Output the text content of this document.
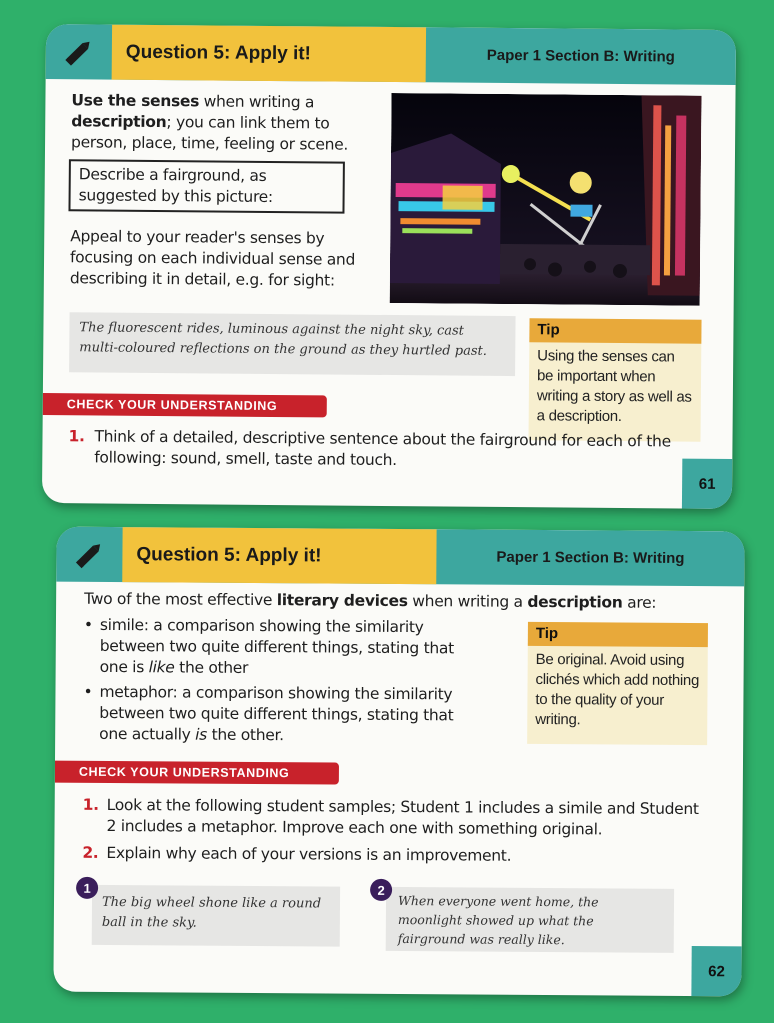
Question 5: Apply it!	Paper 1 Section B: Writing
Use the senses when writing a description; you can link them to person, place, time, feeling or scene.
Describe a fairground, as suggested by this picture:
Appeal to your reader's senses by focusing on each individual sense and describing it in detail, e.g. for sight:
The fluorescent rides, luminous against the night sky, cast multi-coloured reflections on the ground as they hurtled past.
Tip
Using the senses can be important when writing a story as well as a description.
CHECK YOUR UNDERSTANDING
1. Think of a detailed, descriptive sentence about the fairground for each of the following: sound, smell, taste and touch.
61
Question 5: Apply it!	Paper 1 Section B: Writing
Two of the most effective literary devices when writing a description are:
• simile: a comparison showing the similarity between two quite different things, stating that one is like the other
• metaphor: a comparison showing the similarity between two quite different things, stating that one actually is the other.
Tip
Be original. Avoid using clichés which add nothing to the quality of your writing.
CHECK YOUR UNDERSTANDING
1. Look at the following student samples; Student 1 includes a simile and Student 2 includes a metaphor. Improve each one with something original.
2. Explain why each of your versions is an improvement.
The big wheel shone like a round ball in the sky.
1
When everyone went home, the moonlight showed up what the fairground was really like.
2
62
